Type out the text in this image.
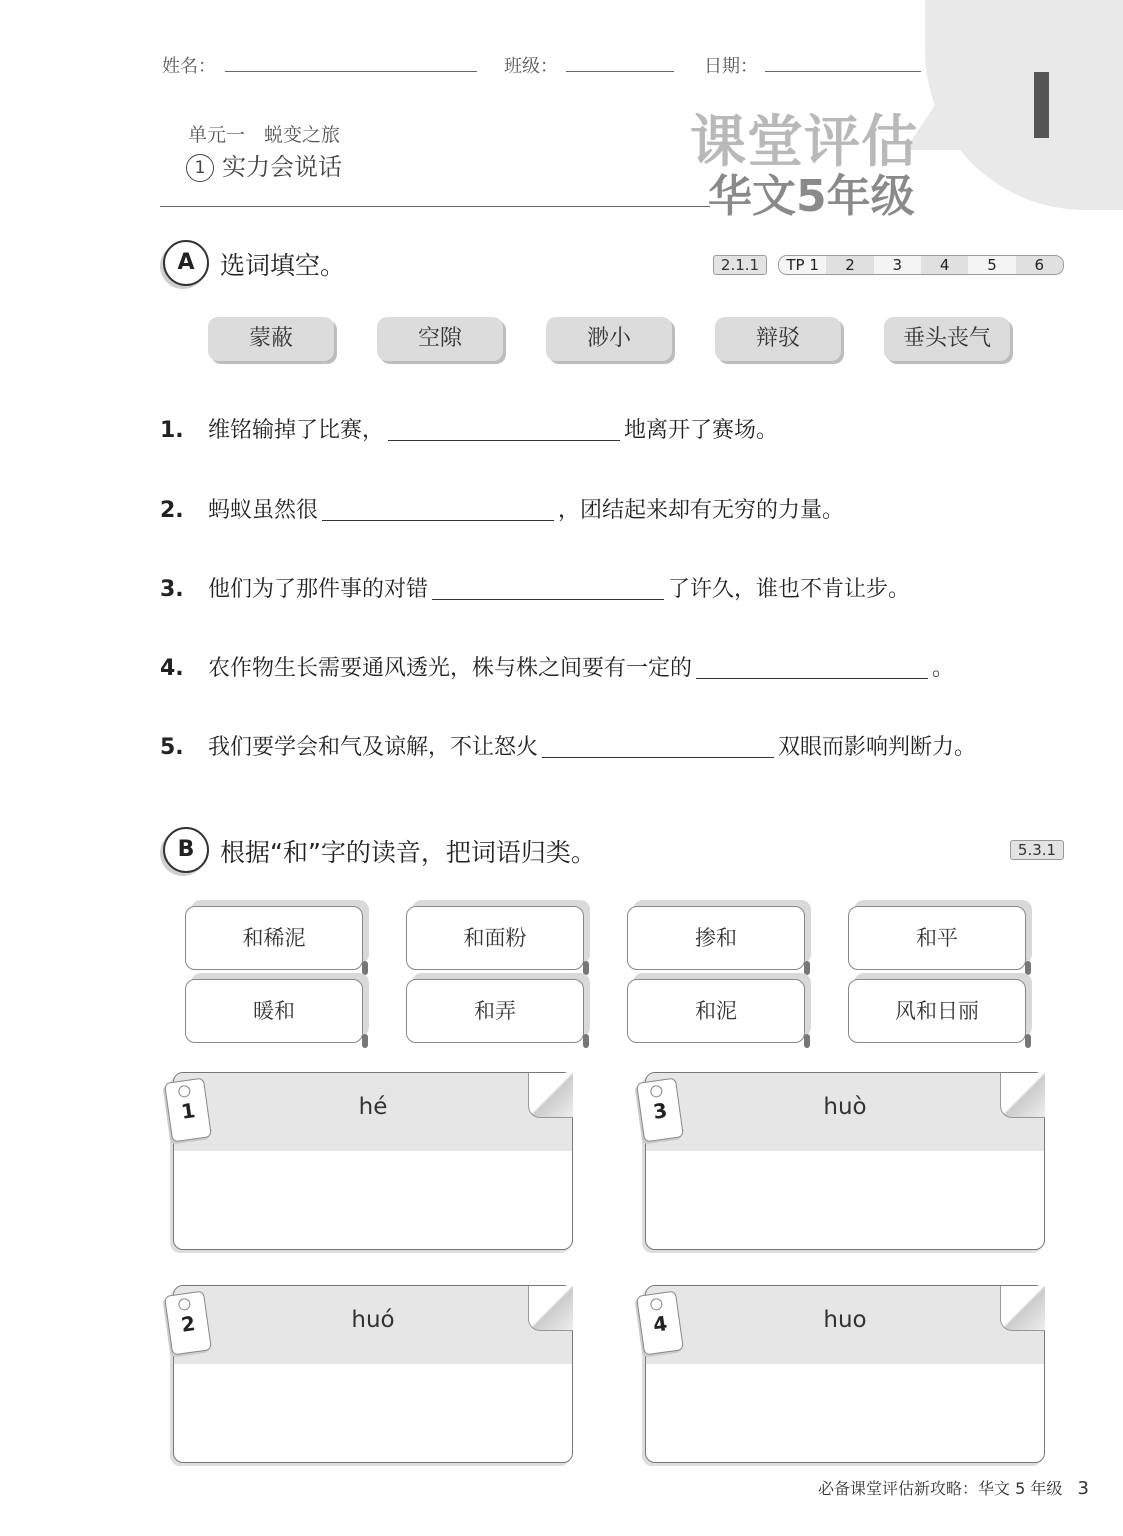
姓名：	班级：	日期：
单元一　蜕变之旅
1 实力会说话	课堂评估
华文5年级
A	选词填空。	2.1.1	TP 1	2	3	4	5	6
蒙蔽	空隙	渺小	辩驳	垂头丧气
1. 维铭输掉了比赛，	地离开了赛场。
2. 蚂蚁虽然很	，团结起来却有无穷的力量。
3. 他们为了那件事的对错	了许久，谁也不肯让步。
4. 农作物生长需要通风透光，株与株之间要有一定的	。
5. 我们要学会和气及谅解，不让怒火	双眼而影响判断力。
B	根据“和”字的读音，把词语归类。	5.3.1
和稀泥	和面粉	掺和	和平
暖和	和弄	和泥	风和日丽
hé
1	huò
3
huó
2	huo
4
必备课堂评估新攻略：华文 5 年级 3
